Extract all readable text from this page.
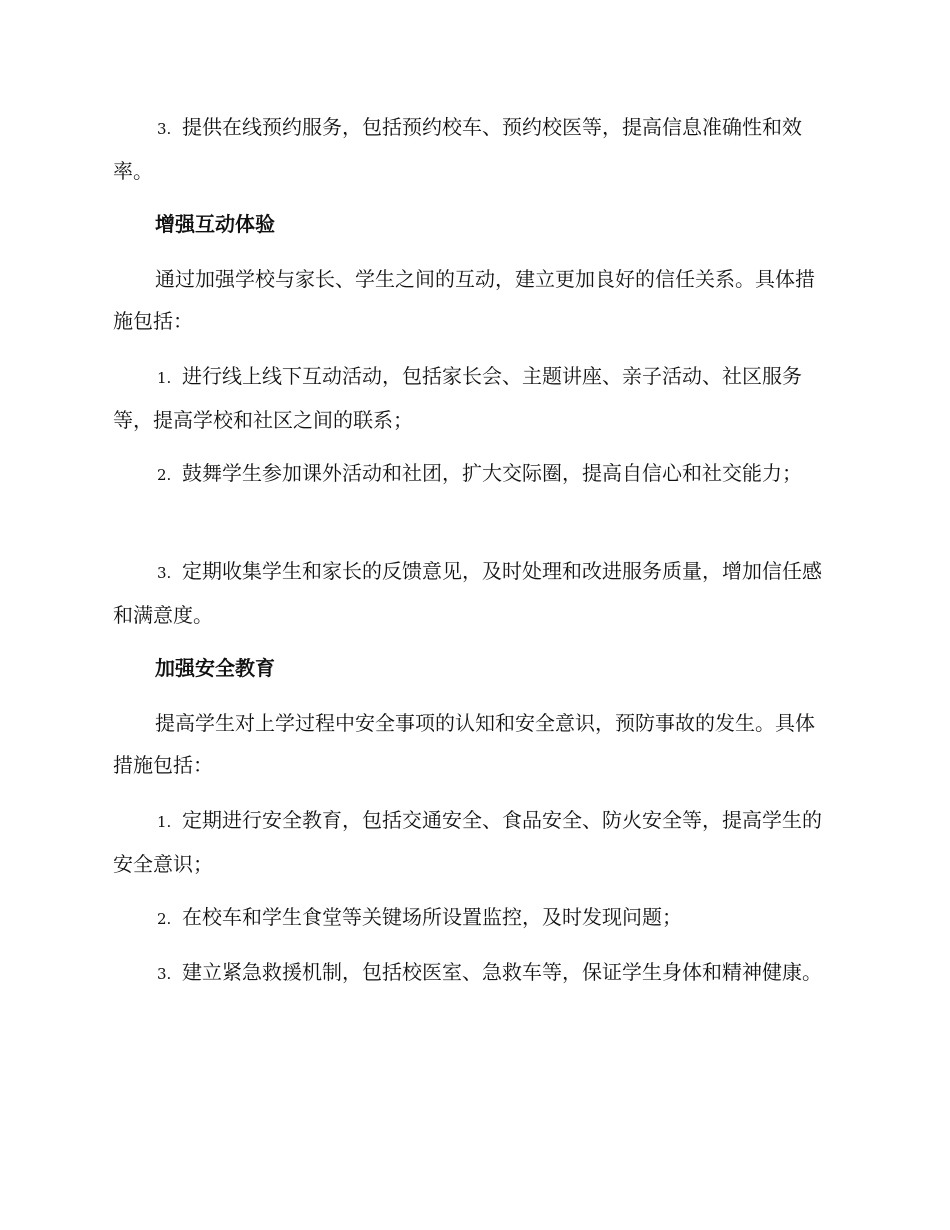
3. 提供在线预约服务，包括预约校车、预约校医等，提高信息准确性和效率。
增强互动体验
通过加强学校与家长、学生之间的互动，建立更加良好的信任关系。具体措施包括：
1. 进行线上线下互动活动，包括家长会、主题讲座、亲子活动、社区服务等，提高学校和社区之间的联系；
2. 鼓舞学生参加课外活动和社团，扩大交际圈，提高自信心和社交能力；
3. 定期收集学生和家长的反馈意见，及时处理和改进服务质量，增加信任感和满意度。
加强安全教育
提高学生对上学过程中安全事项的认知和安全意识，预防事故的发生。具体措施包括：
1. 定期进行安全教育，包括交通安全、食品安全、防火安全等，提高学生的安全意识；
2. 在校车和学生食堂等关键场所设置监控，及时发现问题；
3. 建立紧急救援机制，包括校医室、急救车等，保证学生身体和精神健康。
